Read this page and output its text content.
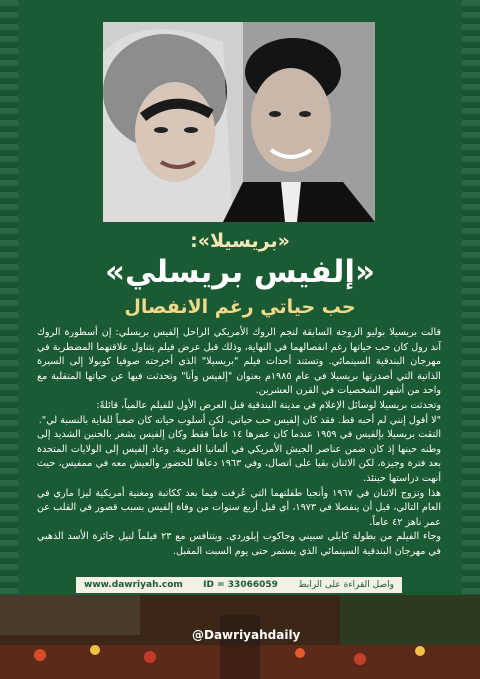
«بريسيلا»:
«إلفيس بريسلي»
حب حياتي رغم الانفصال

قالت بريسيلا بوليو الزوجة السابقة لنجم الروك الأمريكي الراحل إلفيس بريسلي: إن أسطورة الروك آند رول كان حب حياتها رغم انفصالهما في النهاية، وذلك قبل عرض فيلم يتناول علاقتهما المضطربة في مهرجان البندقية السينمائي. وتستند أحداث فيلم "بريسيلا" الذي أخرجته صوفيا كوبولا إلى السيرة الذاتية التي أصدرتها بريسيلا في عام ١٩٨٥م بعنوان "إلفيس وأنا" وتحدثت فيها عن حياتها المتقلبة مع واحد من أشهر الشخصيات في القرن العشرين.

وتحدثت بريسيلا لوسائل الإعلام في مدينة البندقية قبل العرض الأول للفيلم عالمياً، قائلةً:

"لا أقول إنني لم أحبه قط. فقد كان إلفيس حب حياتي، لكن أسلوب حياته كان صعباً للغاية بالنسبة لي".

التقت بريسيلا بإلفيس في ١٩٥٩ عندما كان عمرها ١٤ عاماً فقط وكان إلفيس يشعر بالحنين الشديد إلى وطنه حينها إذ كان ضمن عناصر الجيش الأمريكي في ألمانيا الغربية. وعاد إلفيس إلى الولايات المتحدة بعد فترة وجيزة، لكن الاثنان بقيا على اتصال، وفي ١٩٦٣ دعاها للحضور والعيش معه في ممفيس، حيث أنهت دراستها حينئذ.

هذا وتزوج الاثنان في ١٩٦٧ وأنجبا طفلتهما التي عُرفت فيما بعد ككاتبة ومغنية أمريكية ليزا ماري في العام التالي، قبل أن ينفصلا في ١٩٧٣، أي قبل أربع سنوات من وفاة إلفيس بسبب قصور في القلب عن عمر ناهز ٤٢ عاماً.

وجاء الفيلم من بطولة كايلي سبيني وجاكوب إيلوردي. ويتنافس مع ٢٣ فيلماً لنيل جائزة الأسد الذهبي في مهرجان البندقية السينمائي الذي يستمر حتى يوم السبت المقبل.

www.dawriyah.com ID = 33066059 واصل القراءة على الرابط
@Dawriyahdaily
